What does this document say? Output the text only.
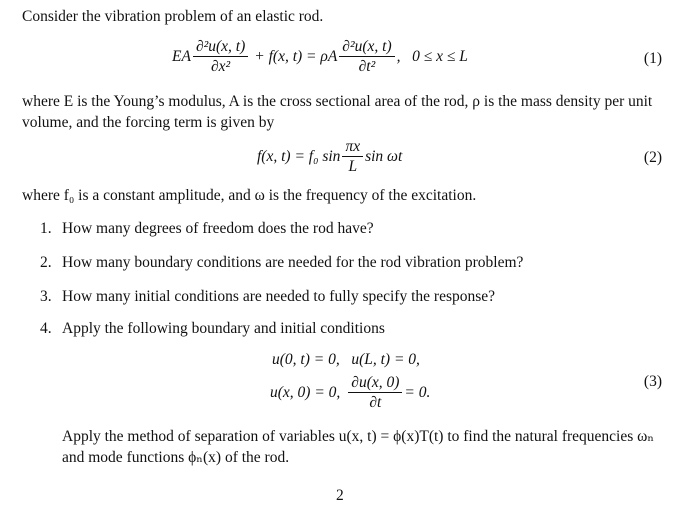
Consider the vibration problem of an elastic rod.
EA $\frac{\text{∂²u(x, t)}}{\text{∂x²}} + f(x$, t) = ρA $\frac{\text{∂²u(x, t)}}{\text{∂t²}}$ ,   0 ≤ x ≤ L	(1)
where E is the Young’s modulus, A is the cross sectional area of the rod, ρ is the mass density per unit volume, and the forcing term is given by
f(x, t) = f₀ $\sin \frac{\pi x}{L}$ sin ωt	(2)
where f₀ is a constant amplitude, and ω is the frequency of the excitation.
1. How many degrees of freedom does the rod have?
2. How many boundary conditions are needed for the rod vibration problem?
3. How many initial conditions are needed to fully specify the response?
4. Apply the following boundary and initial conditions
u(0, t) = 0,   u(L, t) = 0,
u(x, 0) = 0, $\frac{\partial u(x, 0)}{\partial t} = 0$.
(3)
Apply the method of separation of variables u(x, t) = ϕ(x)T(t) to find the natural frequencies ωₙ and mode functions ϕₙ(x) of the rod.
2
